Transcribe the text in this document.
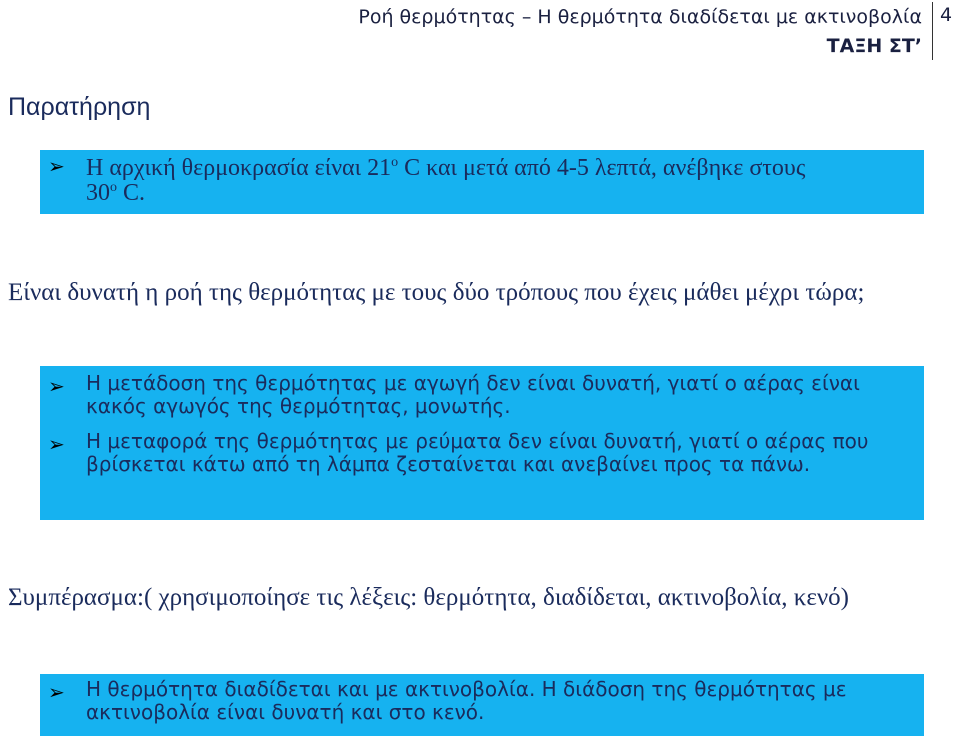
Ροή θερμότητας – Η θερμότητα διαδίδεται με ακτινοβολία
ΤΑΞΗ ΣΤ’
4
Παρατήρηση
➢ Η αρχική θερμοκρασία είναι $21^o$ C και μετά από 4-5 λεπτά, ανέβηκε στους
$30^o$ C.
Είναι δυνατή η ροή της θερμότητας με τους δύο τρόπους που έχεις μάθει μέχρι τώρα;
➢ Η μετάδοση της θερμότητας με αγωγή δεν είναι δυνατή, γιατί ο αέρας είναι κακός αγωγός της θερμότητας, μονωτής.
➢ Η μεταφορά της θερμότητας με ρεύματα δεν είναι δυνατή, γιατί ο αέρας που βρίσκεται κάτω από τη λάμπα ζεσταίνεται και ανεβαίνει προς τα πάνω.
Συμπέρασμα:( χρησιμοποίησε τις λέξεις: θερμότητα, διαδίδεται, ακτινοβολία, κενό)
➢ Η θερμότητα διαδίδεται και με ακτινοβολία. Η διάδοση της θερμότητας με ακτινοβολία είναι δυνατή και στο κενό.
